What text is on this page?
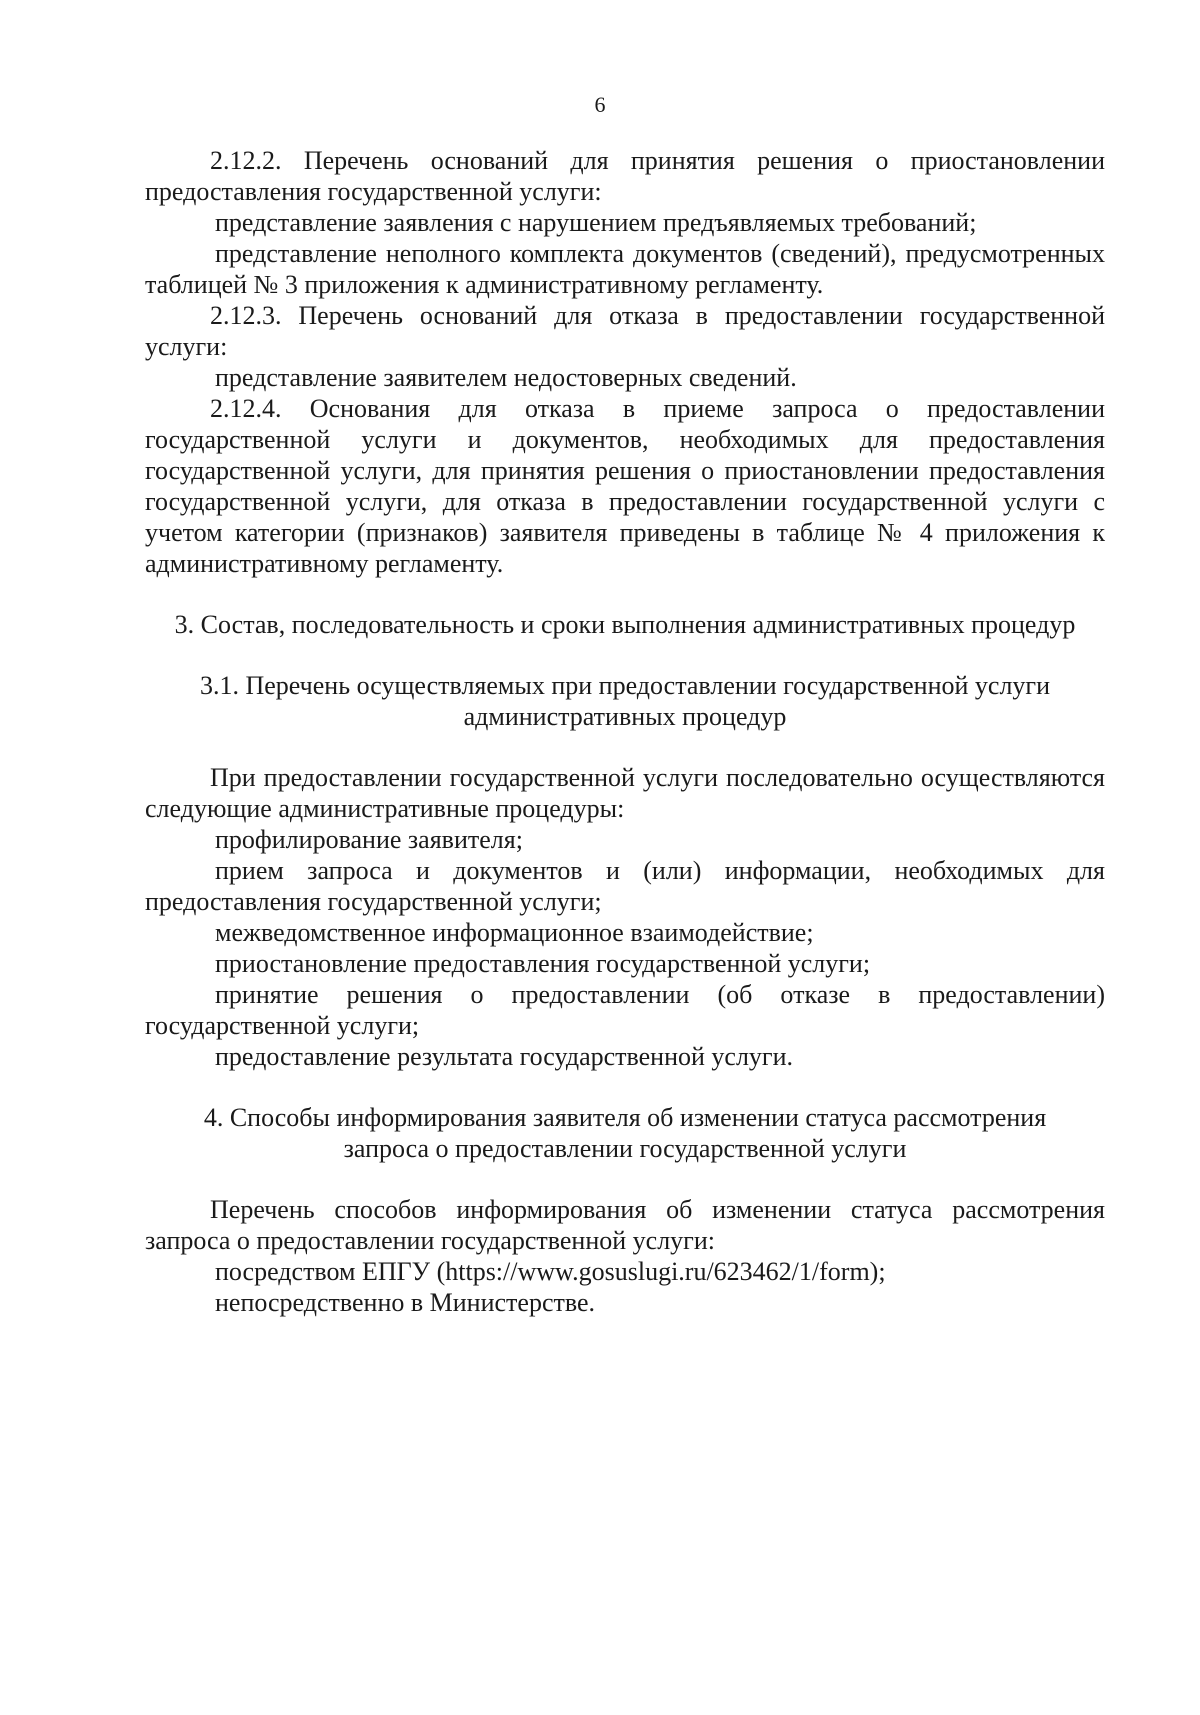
6

2.12.2. Перечень оснований для принятия решения о приостановлении предоставления государственной услуги:

представление заявления с нарушением предъявляемых требований;

представление неполного комплекта документов (сведений), предусмотренных таблицей № 3 приложения к административному регламенту.

2.12.3. Перечень оснований для отказа в предоставлении государственной услуги:

представление заявителем недостоверных сведений.

2.12.4. Основания для отказа в приеме запроса о предоставлении государственной услуги и документов, необходимых для предоставления государственной услуги, для принятия решения о приостановлении предоставления государственной услуги, для отказа в предоставлении государственной услуги с учетом категории (признаков) заявителя приведены в таблице № 4 приложения к административному регламенту.

3. Состав, последовательность и сроки выполнения административных процедур

3.1. Перечень осуществляемых при предоставлении государственной услуги административных процедур

При предоставлении государственной услуги последовательно осуществляются следующие административные процедуры:

профилирование заявителя;

прием запроса и документов и (или) информации, необходимых для предоставления государственной услуги;

межведомственное информационное взаимодействие;

приостановление предоставления государственной услуги;

принятие решения о предоставлении (об отказе в предоставлении) государственной услуги;

предоставление результата государственной услуги.

4. Способы информирования заявителя об изменении статуса рассмотрения запроса о предоставлении государственной услуги

Перечень способов информирования об изменении статуса рассмотрения запроса о предоставлении государственной услуги:

посредством ЕПГУ (https://www.gosuslugi.ru/623462/1/form);

непосредственно в Министерстве.
